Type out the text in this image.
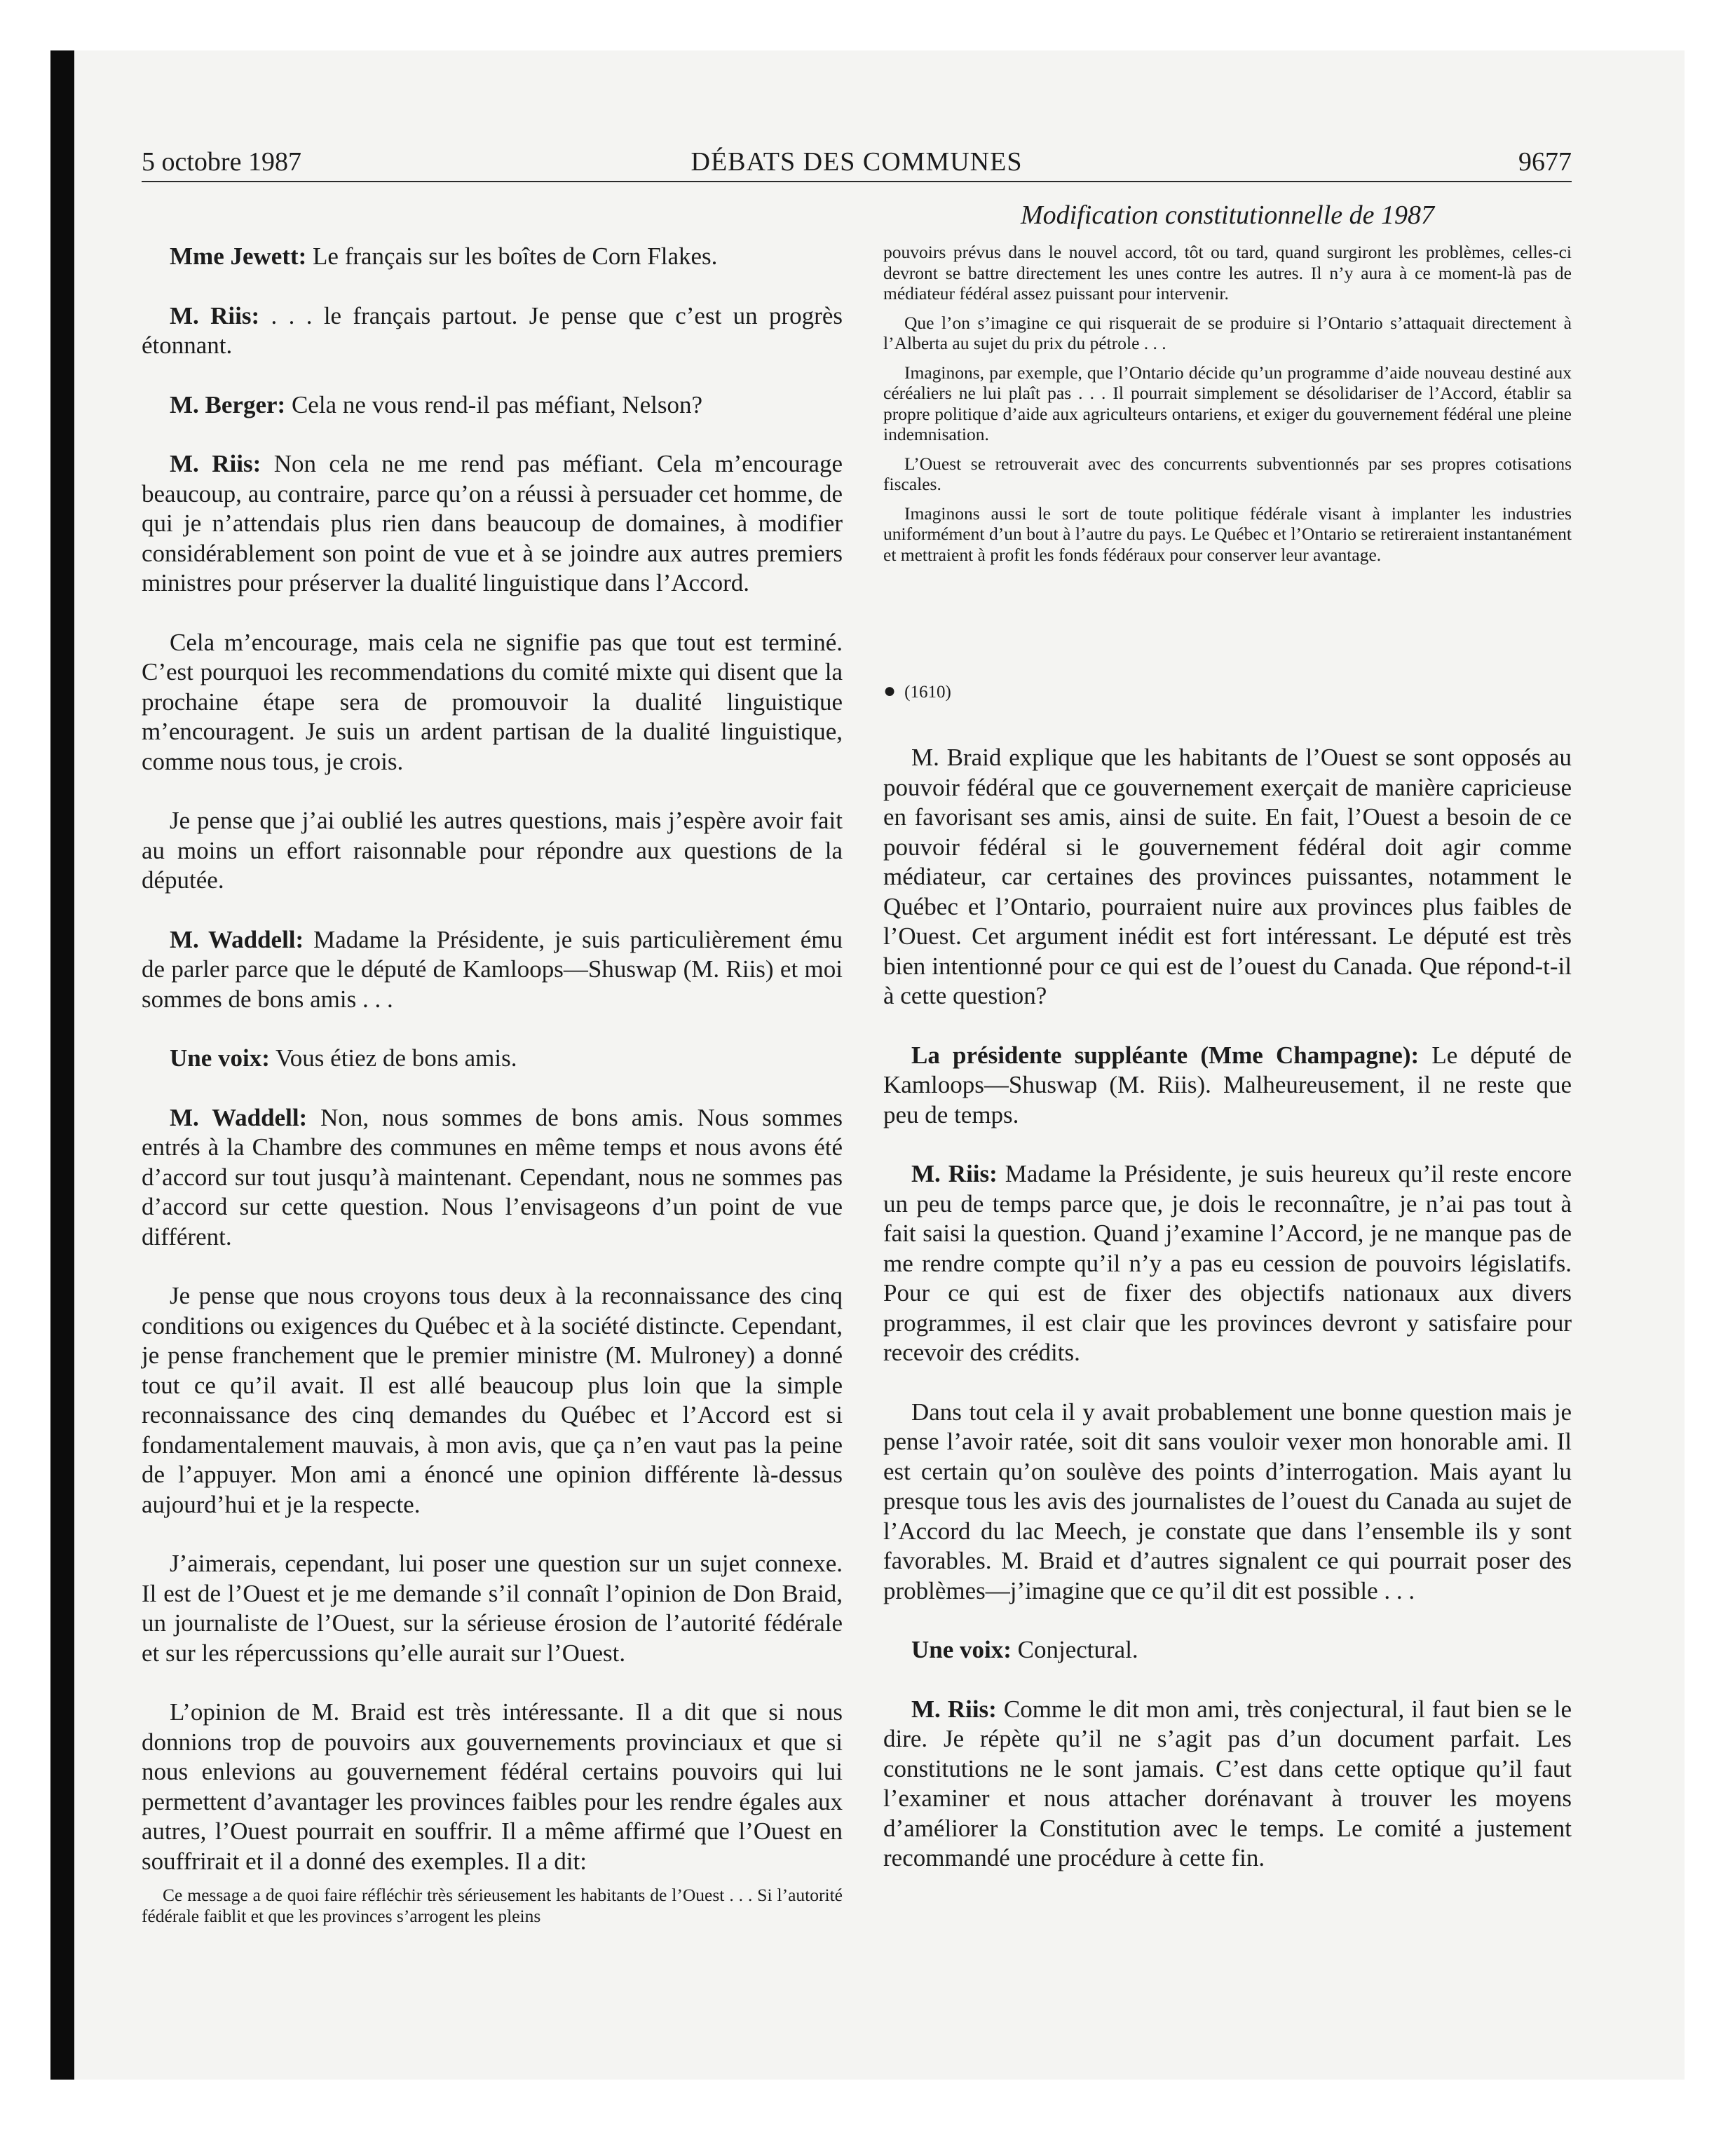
5 octobre 1987	DÉBATS DES COMMUNES	9677
Modification constitutionnelle de 1987

Mme Jewett: Le français sur les boîtes de Corn Flakes.

M. Riis: . . . le français partout. Je pense que c’est un progrès étonnant.

M. Berger: Cela ne vous rend-il pas méfiant, Nelson?

M. Riis: Non cela ne me rend pas méfiant. Cela m’encourage beaucoup, au contraire, parce qu’on a réussi à persuader cet homme, de qui je n’attendais plus rien dans beaucoup de domaines, à modifier considérablement son point de vue et à se joindre aux autres premiers ministres pour préserver la dualité linguistique dans l’Accord.

Cela m’encourage, mais cela ne signifie pas que tout est terminé. C’est pourquoi les recommendations du comité mixte qui disent que la prochaine étape sera de promouvoir la dualité linguistique m’encouragent. Je suis un ardent partisan de la dualité linguistique, comme nous tous, je crois.

Je pense que j’ai oublié les autres questions, mais j’espère avoir fait au moins un effort raisonnable pour répondre aux questions de la députée.

M. Waddell: Madame la Présidente, je suis particulièrement ému de parler parce que le député de Kamloops—Shuswap (M. Riis) et moi sommes de bons amis . . .

Une voix: Vous étiez de bons amis.

M. Waddell: Non, nous sommes de bons amis. Nous sommes entrés à la Chambre des communes en même temps et nous avons été d’accord sur tout jusqu’à maintenant. Cependant, nous ne sommes pas d’accord sur cette question. Nous l’envisageons d’un point de vue différent.

Je pense que nous croyons tous deux à la reconnaissance des cinq conditions ou exigences du Québec et à la société distincte. Cependant, je pense franchement que le premier ministre (M. Mulroney) a donné tout ce qu’il avait. Il est allé beaucoup plus loin que la simple reconnaissance des cinq demandes du Québec et l’Accord est si fondamentalement mauvais, à mon avis, que ça n’en vaut pas la peine de l’appuyer. Mon ami a énoncé une opinion différente là-dessus aujourd’hui et je la respecte.

J’aimerais, cependant, lui poser une question sur un sujet connexe. Il est de l’Ouest et je me demande s’il connaît l’opinion de Don Braid, un journaliste de l’Ouest, sur la sérieuse érosion de l’autorité fédérale et sur les répercussions qu’elle aurait sur l’Ouest.

L’opinion de M. Braid est très intéressante. Il a dit que si nous donnions trop de pouvoirs aux gouvernements provinciaux et que si nous enlevions au gouvernement fédéral certains pouvoirs qui lui permettent d’avantager les provinces faibles pour les rendre égales aux autres, l’Ouest pourrait en souffrir. Il a même affirmé que l’Ouest en souffrirait et il a donné des exemples. Il a dit:

Ce message a de quoi faire réfléchir très sérieusement les habitants de l’Ouest . . . Si l’autorité fédérale faiblit et que les provinces s’arrogent les pleins

pouvoirs prévus dans le nouvel accord, tôt ou tard, quand surgiront les problèmes, celles-ci devront se battre directement les unes contre les autres. Il n’y aura à ce moment-là pas de médiateur fédéral assez puissant pour intervenir.

Que l’on s’imagine ce qui risquerait de se produire si l’Ontario s’attaquait directement à l’Alberta au sujet du prix du pétrole . . .

Imaginons, par exemple, que l’Ontario décide qu’un programme d’aide nouveau destiné aux céréaliers ne lui plaît pas . . . Il pourrait simplement se désolidariser de l’Accord, établir sa propre politique d’aide aux agriculteurs ontariens, et exiger du gouvernement fédéral une pleine indemnisation.

L’Ouest se retrouverait avec des concurrents subventionnés par ses propres cotisations fiscales.

Imaginons aussi le sort de toute politique fédérale visant à implanter les industries uniformément d’un bout à l’autre du pays. Le Québec et l’Ontario se retireraient instantanément et mettraient à profit les fonds fédéraux pour conserver leur avantage.

● (1610)

M. Braid explique que les habitants de l’Ouest se sont opposés au pouvoir fédéral que ce gouvernement exerçait de manière capricieuse en favorisant ses amis, ainsi de suite. En fait, l’Ouest a besoin de ce pouvoir fédéral si le gouvernement fédéral doit agir comme médiateur, car certaines des provinces puissantes, notamment le Québec et l’Ontario, pourraient nuire aux provinces plus faibles de l’Ouest. Cet argument inédit est fort intéressant. Le député est très bien intentionné pour ce qui est de l’ouest du Canada. Que répond-t-il à cette question?

La présidente suppléante (Mme Champagne): Le député de Kamloops—Shuswap (M. Riis). Malheureusement, il ne reste que peu de temps.

M. Riis: Madame la Présidente, je suis heureux qu’il reste encore un peu de temps parce que, je dois le reconnaître, je n’ai pas tout à fait saisi la question. Quand j’examine l’Accord, je ne manque pas de me rendre compte qu’il n’y a pas eu cession de pouvoirs législatifs. Pour ce qui est de fixer des objectifs nationaux aux divers programmes, il est clair que les provinces devront y satisfaire pour recevoir des crédits.

Dans tout cela il y avait probablement une bonne question mais je pense l’avoir ratée, soit dit sans vouloir vexer mon honorable ami. Il est certain qu’on soulève des points d’interrogation. Mais ayant lu presque tous les avis des journalistes de l’ouest du Canada au sujet de l’Accord du lac Meech, je constate que dans l’ensemble ils y sont favorables. M. Braid et d’autres signalent ce qui pourrait poser des problèmes—j’imagine que ce qu’il dit est possible . . .

Une voix: Conjectural.

M. Riis: Comme le dit mon ami, très conjectural, il faut bien se le dire. Je répète qu’il ne s’agit pas d’un document parfait. Les constitutions ne le sont jamais. C’est dans cette optique qu’il faut l’examiner et nous attacher dorénavant à trouver les moyens d’améliorer la Constitution avec le temps. Le comité a justement recommandé une procédure à cette fin.
